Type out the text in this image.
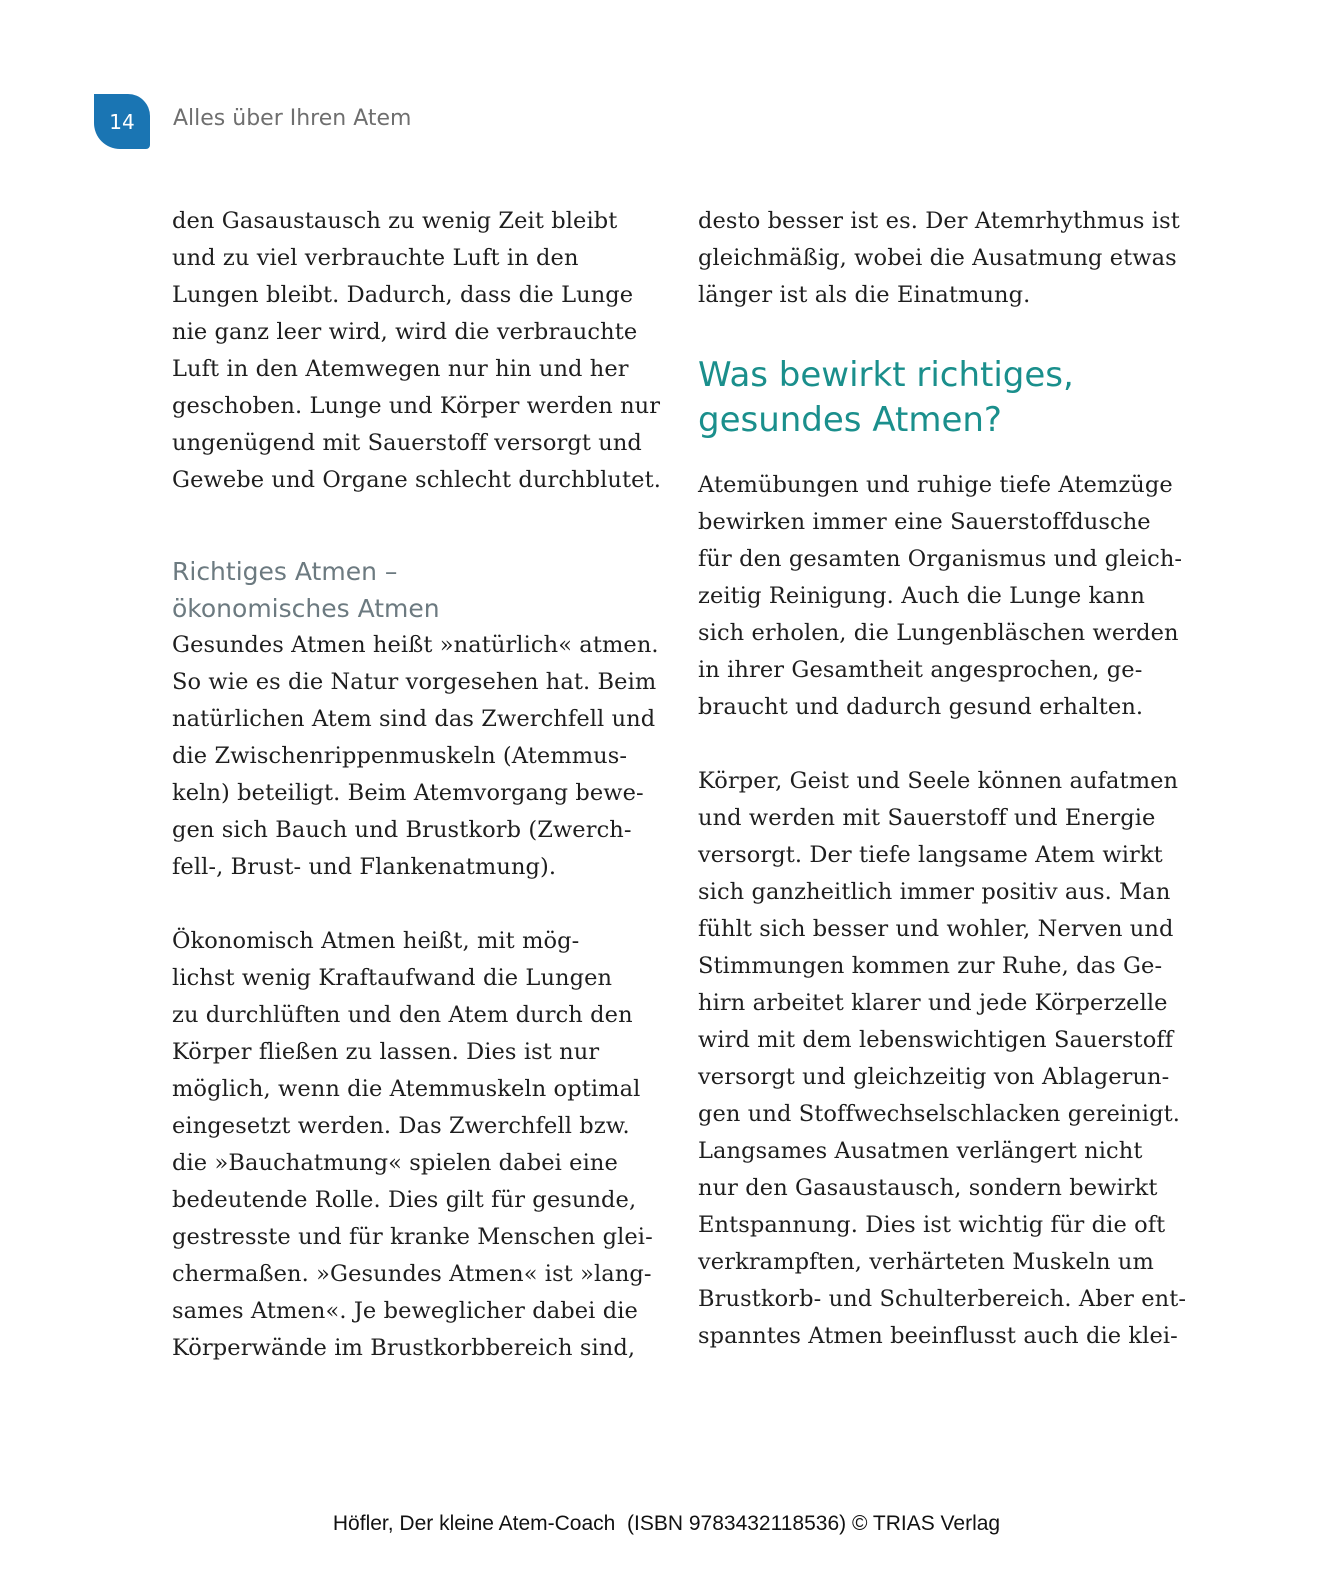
14 Alles über Ihren Atem
den Gasaustausch zu wenig Zeit bleibt
und zu viel verbrauchte Luft in den
Lungen bleibt. Dadurch, dass die Lunge
nie ganz leer wird, wird die verbrauchte
Luft in den Atemwegen nur hin und her
geschoben. Lunge und Körper werden nur
ungenügend mit Sauerstoff versorgt und
Gewebe und Organe schlecht durchblutet.
Richtiges Atmen –
ökonomisches Atmen
Gesundes Atmen heißt »natürlich« atmen.
So wie es die Natur vorgesehen hat. Beim
natürlichen Atem sind das Zwerchfell und
die Zwischenrippenmuskeln (Atemmus-
keln) beteiligt. Beim Atemvorgang bewe-
gen sich Bauch und Brustkorb (Zwerch-
fell-, Brust- und Flankenatmung).
Ökonomisch Atmen heißt, mit mög-
lichst wenig Kraftaufwand die Lungen
zu durchlüften und den Atem durch den
Körper fließen zu lassen. Dies ist nur
möglich, wenn die Atemmuskeln optimal
eingesetzt werden. Das Zwerchfell bzw.
die »Bauchatmung« spielen dabei eine
bedeutende Rolle. Dies gilt für gesunde,
gestresste und für kranke Menschen glei-
chermaßen. »Gesundes Atmen« ist »lang-
sames Atmen«. Je beweglicher dabei die
Körperwände im Brustkorbbereich sind,
desto besser ist es. Der Atemrhythmus ist
gleichmäßig, wobei die Ausatmung etwas
länger ist als die Einatmung.
Was bewirkt richtiges,
gesundes Atmen?
Atemübungen und ruhige tiefe Atemzüge
bewirken immer eine Sauerstoffdusche
für den gesamten Organismus und gleich-
zeitig Reinigung. Auch die Lunge kann
sich erholen, die Lungenbläschen werden
in ihrer Gesamtheit angesprochen, ge-
braucht und dadurch gesund erhalten.
Körper, Geist und Seele können aufatmen
und werden mit Sauerstoff und Energie
versorgt. Der tiefe langsame Atem wirkt
sich ganzheitlich immer positiv aus. Man
fühlt sich besser und wohler, Nerven und
Stimmungen kommen zur Ruhe, das Ge-
hirn arbeitet klarer und jede Körperzelle
wird mit dem lebenswichtigen Sauerstoff
versorgt und gleichzeitig von Ablagerun-
gen und Stoffwechselschlacken gereinigt.
Langsames Ausatmen verlängert nicht
nur den Gasaustausch, sondern bewirkt
Entspannung. Dies ist wichtig für die oft
verkrampften, verhärteten Muskeln um
Brustkorb- und Schulterbereich. Aber ent-
spanntes Atmen beeinflusst auch die klei-
Höfler, Der kleine Atem-Coach  (ISBN 9783432118536) © TRIAS Verlag
